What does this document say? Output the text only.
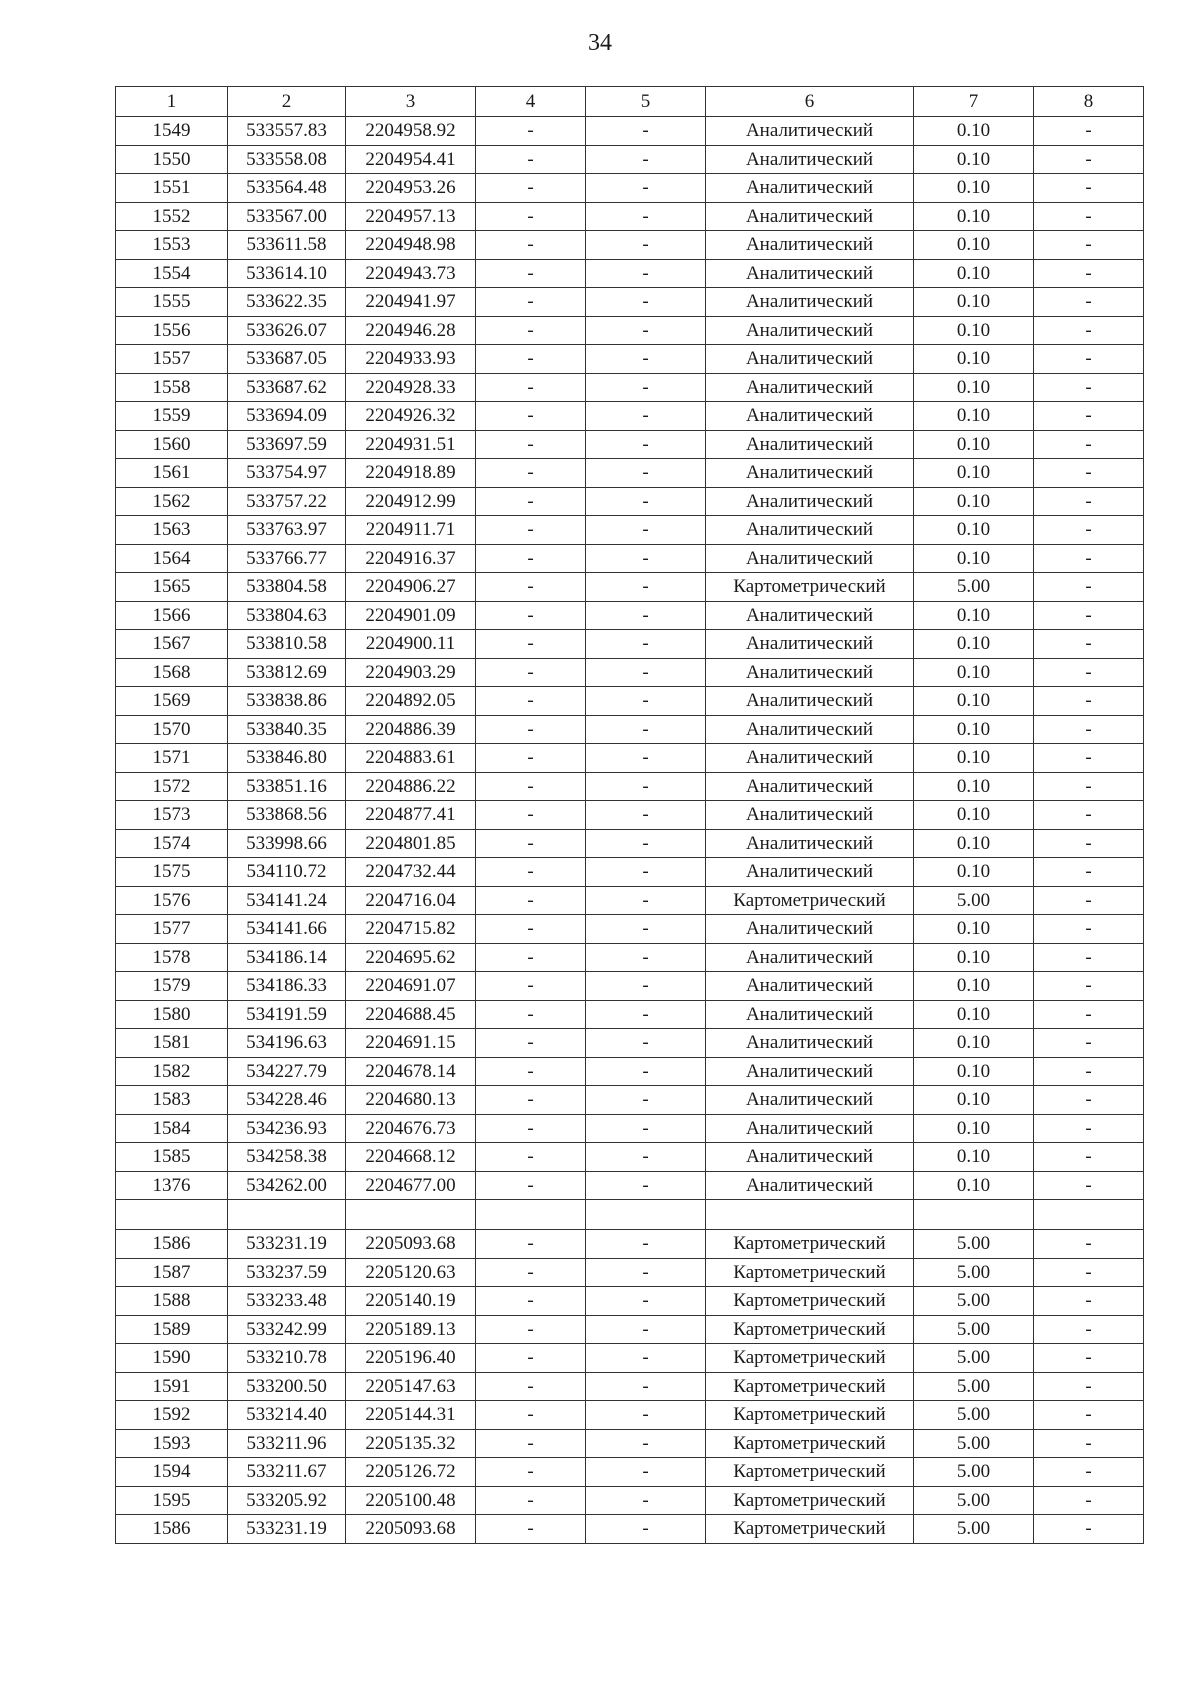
34
1	2	3	4	5	6	7	8
1549	533557.83	2204958.92	-	-	Аналитический	0.10	-
1550	533558.08	2204954.41	-	-	Аналитический	0.10	-
1551	533564.48	2204953.26	-	-	Аналитический	0.10	-
1552	533567.00	2204957.13	-	-	Аналитический	0.10	-
1553	533611.58	2204948.98	-	-	Аналитический	0.10	-
1554	533614.10	2204943.73	-	-	Аналитический	0.10	-
1555	533622.35	2204941.97	-	-	Аналитический	0.10	-
1556	533626.07	2204946.28	-	-	Аналитический	0.10	-
1557	533687.05	2204933.93	-	-	Аналитический	0.10	-
1558	533687.62	2204928.33	-	-	Аналитический	0.10	-
1559	533694.09	2204926.32	-	-	Аналитический	0.10	-
1560	533697.59	2204931.51	-	-	Аналитический	0.10	-
1561	533754.97	2204918.89	-	-	Аналитический	0.10	-
1562	533757.22	2204912.99	-	-	Аналитический	0.10	-
1563	533763.97	2204911.71	-	-	Аналитический	0.10	-
1564	533766.77	2204916.37	-	-	Аналитический	0.10	-
1565	533804.58	2204906.27	-	-	Картометрический	5.00	-
1566	533804.63	2204901.09	-	-	Аналитический	0.10	-
1567	533810.58	2204900.11	-	-	Аналитический	0.10	-
1568	533812.69	2204903.29	-	-	Аналитический	0.10	-
1569	533838.86	2204892.05	-	-	Аналитический	0.10	-
1570	533840.35	2204886.39	-	-	Аналитический	0.10	-
1571	533846.80	2204883.61	-	-	Аналитический	0.10	-
1572	533851.16	2204886.22	-	-	Аналитический	0.10	-
1573	533868.56	2204877.41	-	-	Аналитический	0.10	-
1574	533998.66	2204801.85	-	-	Аналитический	0.10	-
1575	534110.72	2204732.44	-	-	Аналитический	0.10	-
1576	534141.24	2204716.04	-	-	Картометрический	5.00	-
1577	534141.66	2204715.82	-	-	Аналитический	0.10	-
1578	534186.14	2204695.62	-	-	Аналитический	0.10	-
1579	534186.33	2204691.07	-	-	Аналитический	0.10	-
1580	534191.59	2204688.45	-	-	Аналитический	0.10	-
1581	534196.63	2204691.15	-	-	Аналитический	0.10	-
1582	534227.79	2204678.14	-	-	Аналитический	0.10	-
1583	534228.46	2204680.13	-	-	Аналитический	0.10	-
1584	534236.93	2204676.73	-	-	Аналитический	0.10	-
1585	534258.38	2204668.12	-	-	Аналитический	0.10	-
1376	534262.00	2204677.00	-	-	Аналитический	0.10	-

1586	533231.19	2205093.68	-	-	Картометрический	5.00	-
1587	533237.59	2205120.63	-	-	Картометрический	5.00	-
1588	533233.48	2205140.19	-	-	Картометрический	5.00	-
1589	533242.99	2205189.13	-	-	Картометрический	5.00	-
1590	533210.78	2205196.40	-	-	Картометрический	5.00	-
1591	533200.50	2205147.63	-	-	Картометрический	5.00	-
1592	533214.40	2205144.31	-	-	Картометрический	5.00	-
1593	533211.96	2205135.32	-	-	Картометрический	5.00	-
1594	533211.67	2205126.72	-	-	Картометрический	5.00	-
1595	533205.92	2205100.48	-	-	Картометрический	5.00	-
1586	533231.19	2205093.68	-	-	Картометрический	5.00	-
